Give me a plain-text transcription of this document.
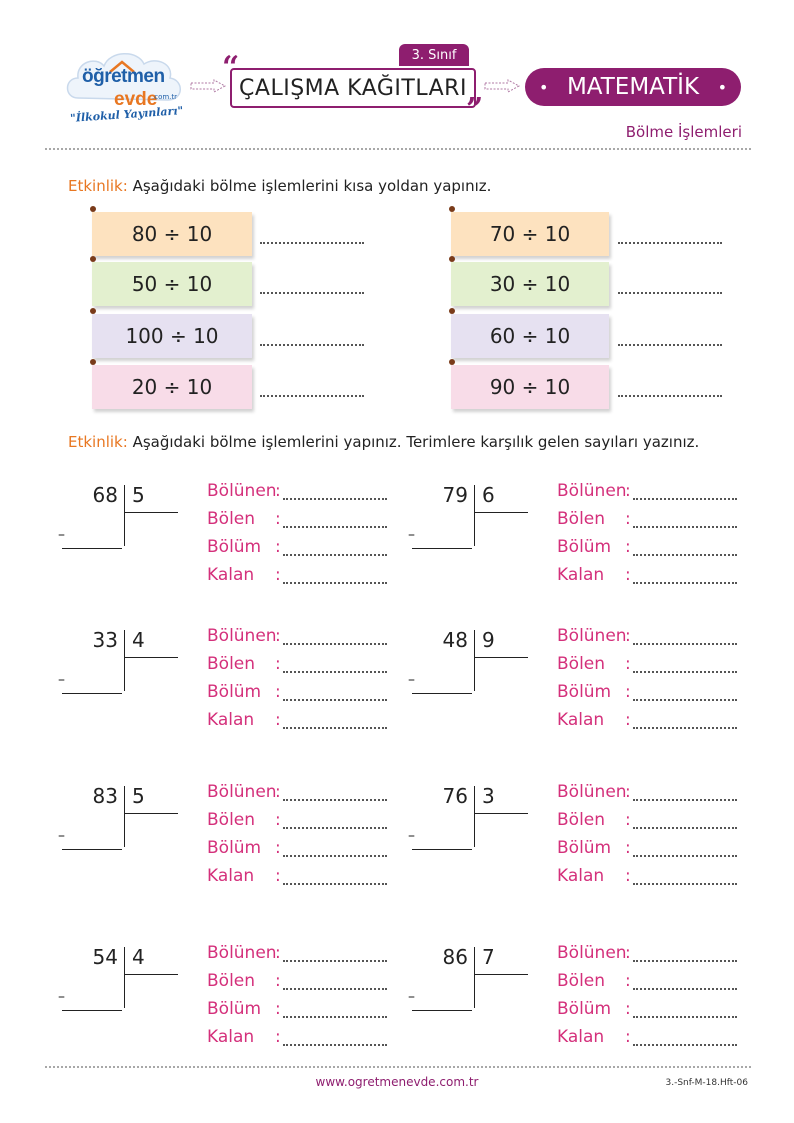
öğretmen
evde
.com.tr
"İlkokul Yayınları"
“	3. Sınıf
ÇALIŞMA KAĞITLARI
”
• MATEMATİK •
Bölme İşlemleri
Etkinlik: Aşağıdaki bölme işlemlerini kısa yoldan yapınız.
80 ÷ 10	70 ÷ 10
50 ÷ 10	30 ÷ 10
100 ÷ 10	60 ÷ 10
20 ÷ 10	90 ÷ 10
Etkinlik: Aşağıdaki bölme işlemlerini yapınız. Terimlere karşılık gelen sayıları yazınız.
68 5
–
Bölünen
:
Bölen :
Bölüm :
Kalan :
79 6
–
Bölünen
:
Bölen :
Bölüm :
Kalan :
33 4
–
Bölünen
:
Bölen :
Bölüm :
Kalan :
48 9
–
Bölünen
:
Bölen :
Bölüm :
Kalan :
83 5
–
Bölünen
:
Bölen :
Bölüm :
Kalan :
76 3
–
Bölünen
:
Bölen :
Bölüm :
Kalan :
54 4
–
Bölünen
:
Bölen :
Bölüm :
Kalan :
86 7
–
Bölünen
:
Bölen :
Bölüm :
Kalan :
www.ogretmenevde.com.tr	3.-Snf-M-18.Hft-06
